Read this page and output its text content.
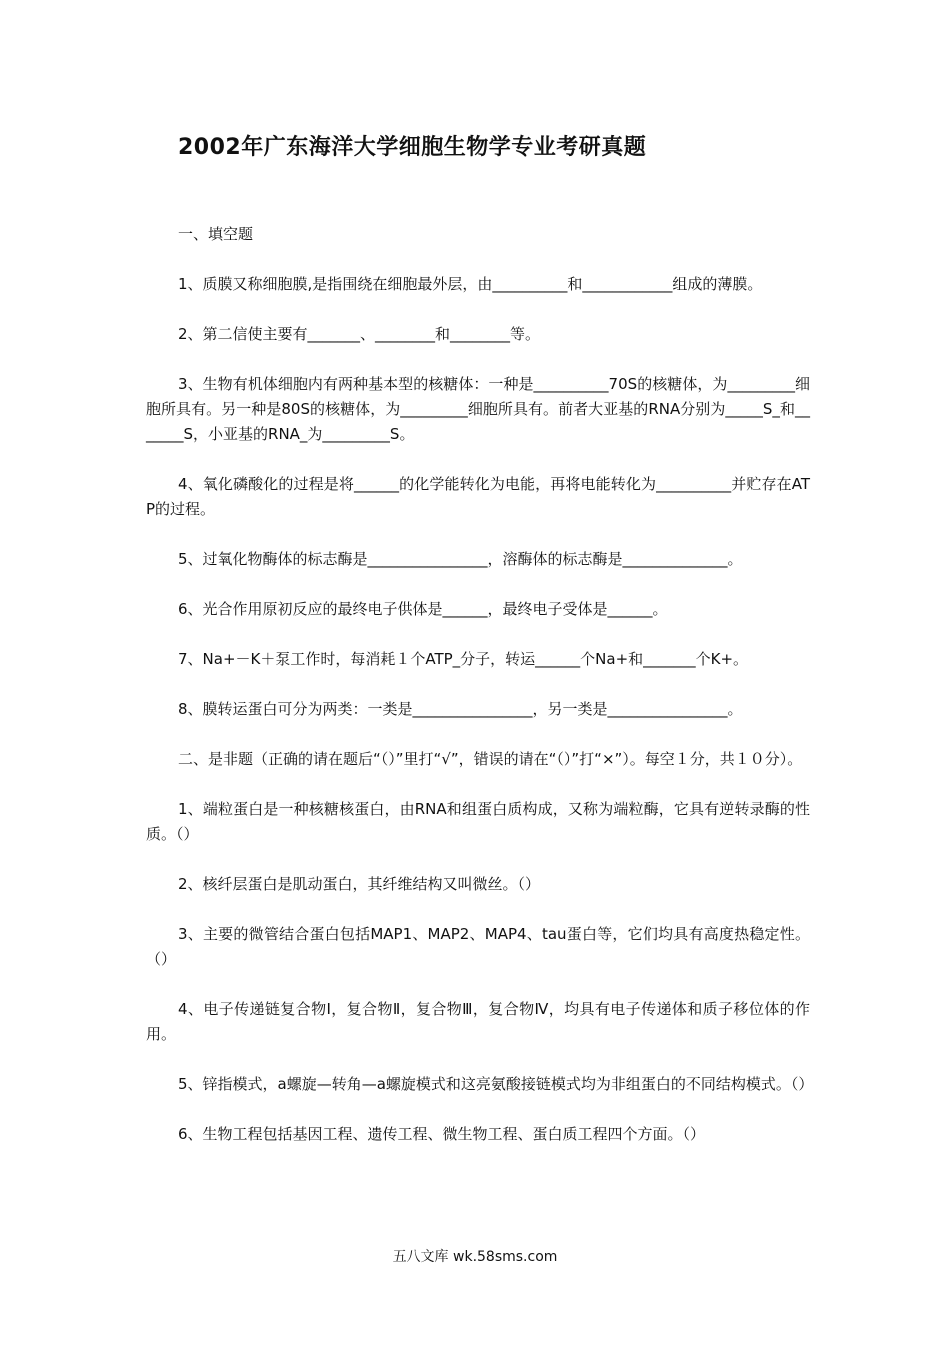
2002年广东海洋大学细胞生物学专业考研真题

一、填空题

1、质膜又称细胞膜,是指围绕在细胞最外层，由__________和____________组成的薄膜。

2、第二信使主要有_______、________和________等。

3、生物有机体细胞内有两种基本型的核糖体：一种是__________70S的核糖体，为_________细胞所具有。另一种是80S的核糖体，为_________细胞所具有。前者大亚基的RNA分别为_____S_和_______S，小亚基的RNA_为_________S。

4、氧化磷酸化的过程是将______的化学能转化为电能，再将电能转化为__________并贮存在ATP的过程。

5、过氧化物酶体的标志酶是________________，溶酶体的标志酶是______________。

6、光合作用原初反应的最终电子供体是______，最终电子受体是______。

7、Na+－K＋泵工作时，每消耗１个ATP_分子，转运______个Na+和_______个K+。

8、膜转运蛋白可分为两类：一类是________________，另一类是________________。

二、是非题（正确的请在题后“（）”里打“√”，错误的请在“（）”打“×”）。每空１分，共１０分）。

1、端粒蛋白是一种核糖核蛋白，由RNA和组蛋白质构成，又称为端粒酶，它具有逆转录酶的性质。（）

2、核纤层蛋白是肌动蛋白，其纤维结构又叫微丝。（）

3、主要的微管结合蛋白包括MAP1、MAP2、MAP4、tau蛋白等，它们均具有高度热稳定性。（）

4、电子传递链复合物Ⅰ，复合物Ⅱ，复合物Ⅲ，复合物Ⅳ，均具有电子传递体和质子移位体的作用。

5、锌指模式，a螺旋—转角—a螺旋模式和这亮氨酸接链模式均为非组蛋白的不同结构模式。（）

6、生物工程包括基因工程、遗传工程、微生物工程、蛋白质工程四个方面。（）

五八文库 wk.58sms.com
